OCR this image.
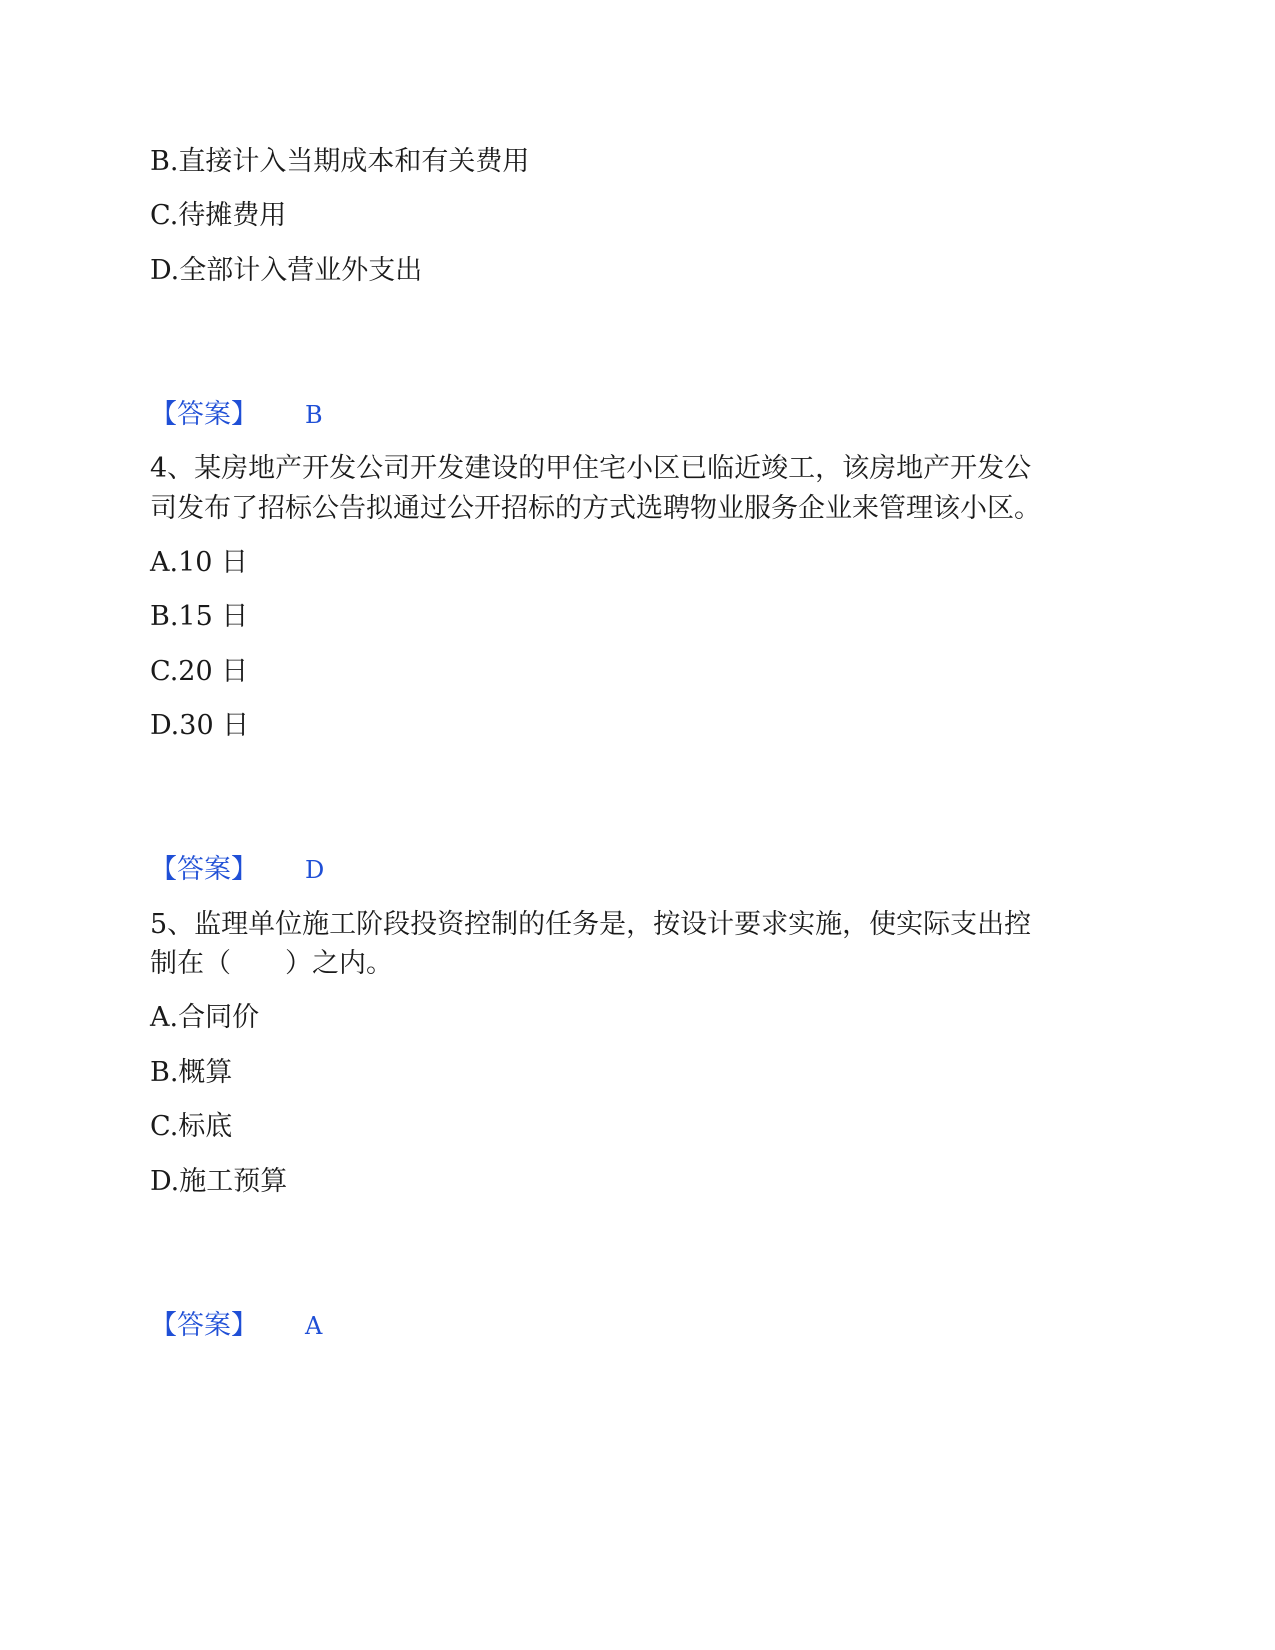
B.直接计入当期成本和有关费用
C.待摊费用
D.全部计入营业外支出
【答案】 B
4、某房地产开发公司开发建设的甲住宅小区已临近竣工，该房地产开发公
司发布了招标公告拟通过公开招标的方式选聘物业服务企业来管理该小区。
A.10 日
B.15 日
C.20 日
D.30 日
【答案】 D
5、监理单位施工阶段投资控制的任务是，按设计要求实施，使实际支出控
制在（　　）之内。
A.合同价
B.概算
C.标底
D.施工预算
【答案】 A
